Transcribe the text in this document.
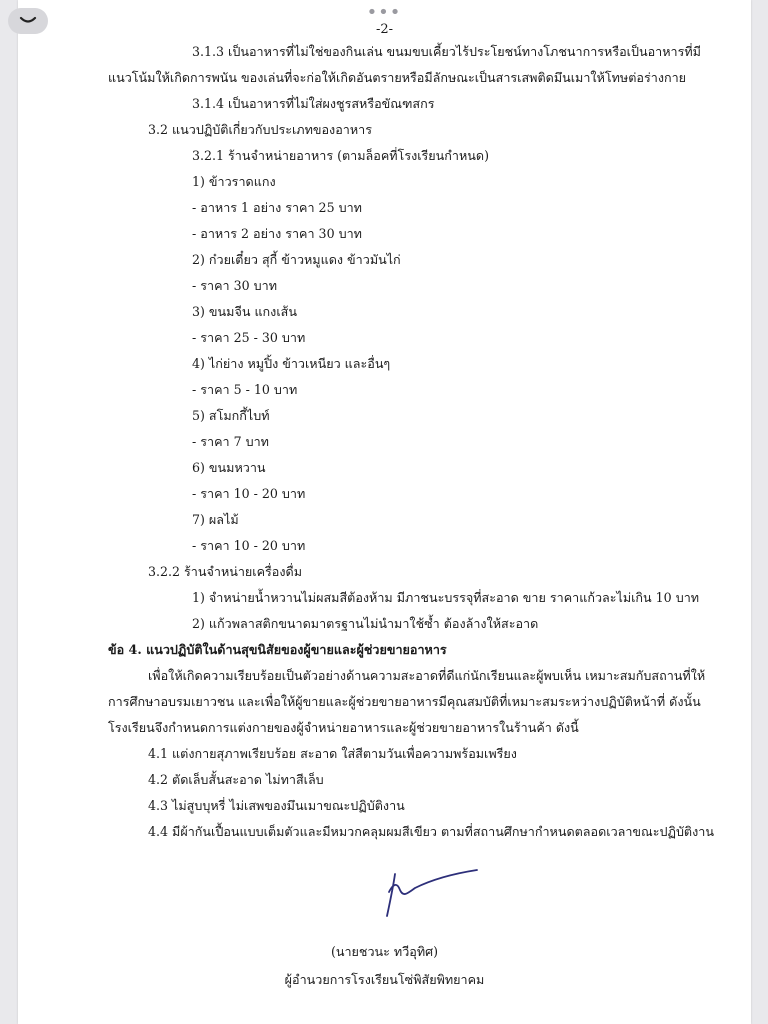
•••
-2-
3.1.3 เป็นอาหารที่ไม่ใช่ของกินเล่น ขนมขบเคี้ยวไร้ประโยชน์ทางโภชนาการหรือเป็นอาหารที่มี
แนวโน้มให้เกิดการพนัน ของเล่นที่จะก่อให้เกิดอันตรายหรือมีลักษณะเป็นสารเสพติดมึนเมาให้โทษต่อร่างกาย
3.1.4 เป็นอาหารที่ไม่ใส่ผงชูรสหรือขัณฑสกร
3.2 แนวปฏิบัติเกี่ยวกับประเภทของอาหาร
3.2.1 ร้านจำหน่ายอาหาร (ตามล็อคที่โรงเรียนกำหนด)
1) ข้าวราดแกง
- อาหาร 1 อย่าง ราคา 25 บาท
- อาหาร 2 อย่าง ราคา 30 บาท
2) ก๋วยเตี๋ยว สุกี้ ข้าวหมูแดง ข้าวมันไก่
- ราคา 30 บาท
3) ขนมจีน แกงเส้น
- ราคา 25 - 30 บาท
4) ไก่ย่าง หมูปิ้ง ข้าวเหนียว และอื่นๆ
- ราคา 5 - 10 บาท
5) สโมกกี้ไบท์
- ราคา 7 บาท
6) ขนมหวาน
- ราคา 10 - 20 บาท
7) ผลไม้
- ราคา 10 - 20 บาท
3.2.2 ร้านจำหน่ายเครื่องดื่ม
1) จำหน่ายน้ำหวานไม่ผสมสีต้องห้าม มีภาชนะบรรจุที่สะอาด ขาย ราคาแก้วละไม่เกิน 10 บาท
2) แก้วพลาสติกขนาดมาตรฐานไม่นำมาใช้ซ้ำ ต้องล้างให้สะอาด
ข้อ 4. แนวปฏิบัติในด้านสุขนิสัยของผู้ขายและผู้ช่วยขายอาหาร
เพื่อให้เกิดความเรียบร้อยเป็นตัวอย่างด้านความสะอาดที่ดีแก่นักเรียนและผู้พบเห็น เหมาะสมกับสถานที่ให้
การศึกษาอบรมเยาวชน และเพื่อให้ผู้ขายและผู้ช่วยขายอาหารมีคุณสมบัติที่เหมาะสมระหว่างปฏิบัติหน้าที่ ดังนั้น
โรงเรียนจึงกำหนดการแต่งกายของผู้จำหน่ายอาหารและผู้ช่วยขายอาหารในร้านค้า ดังนี้
4.1 แต่งกายสุภาพเรียบร้อย สะอาด ใส่สีตามวันเพื่อความพร้อมเพรียง
4.2 ตัดเล็บสั้นสะอาด ไม่ทาสีเล็บ
4.3 ไม่สูบบุหรี่ ไม่เสพของมึนเมาขณะปฏิบัติงาน
4.4 มีผ้ากันเปื้อนแบบเต็มตัวและมีหมวกคลุมผมสีเขียว ตามที่สถานศึกษากำหนดตลอดเวลาขณะปฏิบัติงาน
(นายชวนะ ทวีอุทิศ)
ผู้อำนวยการโรงเรียนโซ่พิสัยพิทยาคม
